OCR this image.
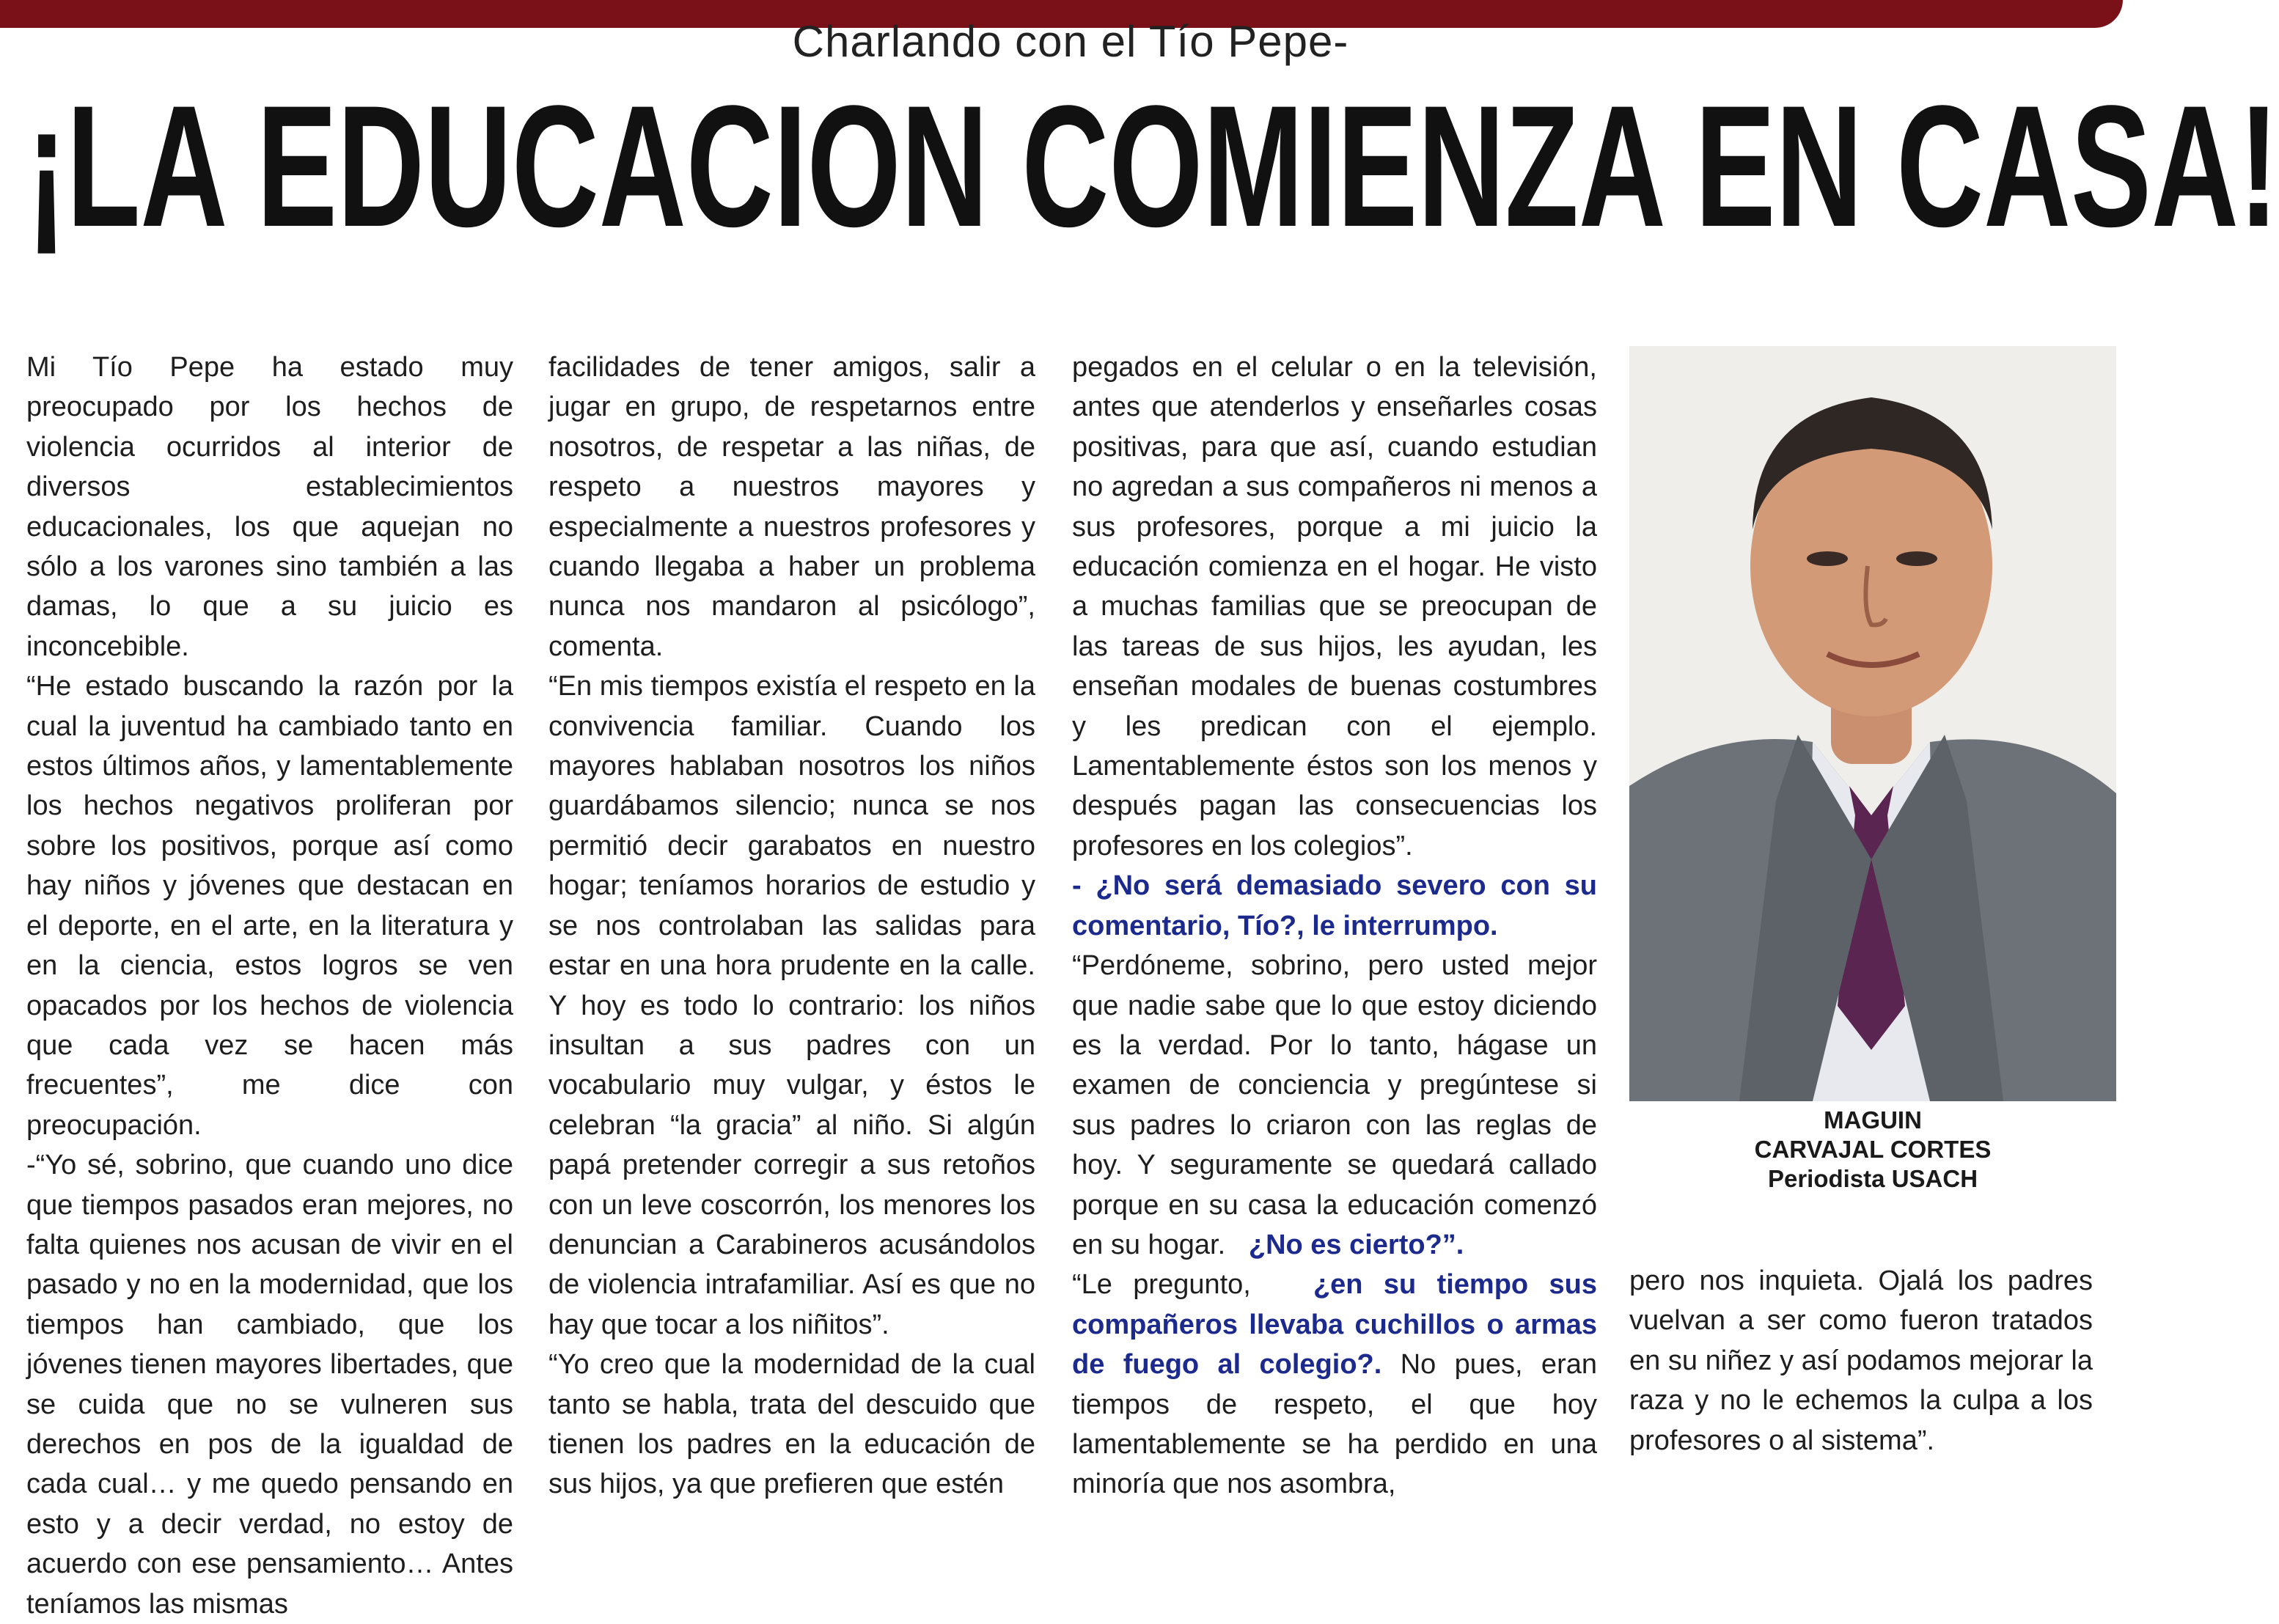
Charlando con el Tío Pepe-
¡LA EDUCACION COMIENZA EN CASA!

Mi Tío Pepe ha estado muy preocupado por los hechos de violencia ocurridos al interior de diversos establecimientos educacionales, los que aquejan no sólo a los varones sino también a las damas, lo que a su juicio es inconcebible.

“He estado buscando la razón por la cual la juventud ha cambiado tanto en estos últimos años, y lamentablemente los hechos negativos proliferan por sobre los positivos, porque así como hay niños y jóvenes que destacan en el deporte, en el arte, en la literatura y en la ciencia, estos logros se ven opacados por los hechos de violencia que cada vez se hacen más frecuentes”, me dice con preocupación.

-“Yo sé, sobrino, que cuando uno dice que tiempos pasados eran mejores, no falta quienes nos acusan de vivir en el pasado y no en la modernidad, que los tiempos han cambiado, que los jóvenes tienen mayores libertades, que se cuida que no se vulneren sus derechos en pos de la igualdad de cada cual… y me quedo pensando en esto y a decir verdad, no estoy de acuerdo con ese pensamiento… Antes teníamos las mismas

facilidades de tener amigos, salir a jugar en grupo, de respetarnos entre nosotros, de respetar a las niñas, de respeto a nuestros mayores y especialmente a nuestros profesores y cuando llegaba a haber un problema nunca nos mandaron al psicólogo”, comenta.

“En mis tiempos existía el respeto en la convivencia familiar. Cuando los mayores hablaban nosotros los niños guardábamos silencio; nunca se nos permitió decir garabatos en nuestro hogar; teníamos horarios de estudio y se nos controlaban las salidas para estar en una hora prudente en la calle. Y hoy es todo lo contrario: los niños insultan a sus padres con un vocabulario muy vulgar, y éstos le celebran “la gracia” al niño. Si algún papá pretender corregir a sus retoños con un leve coscorrón, los menores los denuncian a Carabineros acusándolos de violencia intrafamiliar. Así es que no hay que tocar a los niñitos”.

“Yo creo que la modernidad de la cual tanto se habla, trata del descuido que tienen los padres en la educación de sus hijos, ya que prefieren que estén

pegados en el celular o en la televisión, antes que atenderlos y enseñarles cosas positivas, para que así, cuando estudian no agredan a sus compañeros ni menos a sus profesores, porque a mi juicio la educación comienza en el hogar. He visto a muchas familias que se preocupan de las tareas de sus hijos, les ayudan, les enseñan modales de buenas costumbres y les predican con el ejemplo. Lamentablemente éstos son los menos y después pagan las consecuencias los profesores en los colegios”.

- ¿No será demasiado severo con su comentario, Tío?, le interrumpo.

“Perdóneme, sobrino, pero usted mejor que nadie sabe que lo que estoy diciendo es la verdad. Por lo tanto, hágase un examen de conciencia y pregúntese si sus padres lo criaron con las reglas de hoy. Y seguramente se quedará callado porque en su casa la educación comenzó en su hogar. ¿No es cierto?”.

“Le pregunto, ¿en su tiempo sus compañeros llevaba cuchillos o armas de fuego al colegio?. No pues, eran tiempos de respeto, el que hoy lamentablemente se ha perdido en una minoría que nos asombra,

MAGUIN
CARVAJAL CORTES
Periodista USACH

pero nos inquieta. Ojalá los padres vuelvan a ser como fueron tratados en su niñez y así podamos mejorar la raza y no le echemos la culpa a los profesores o al sistema”.
